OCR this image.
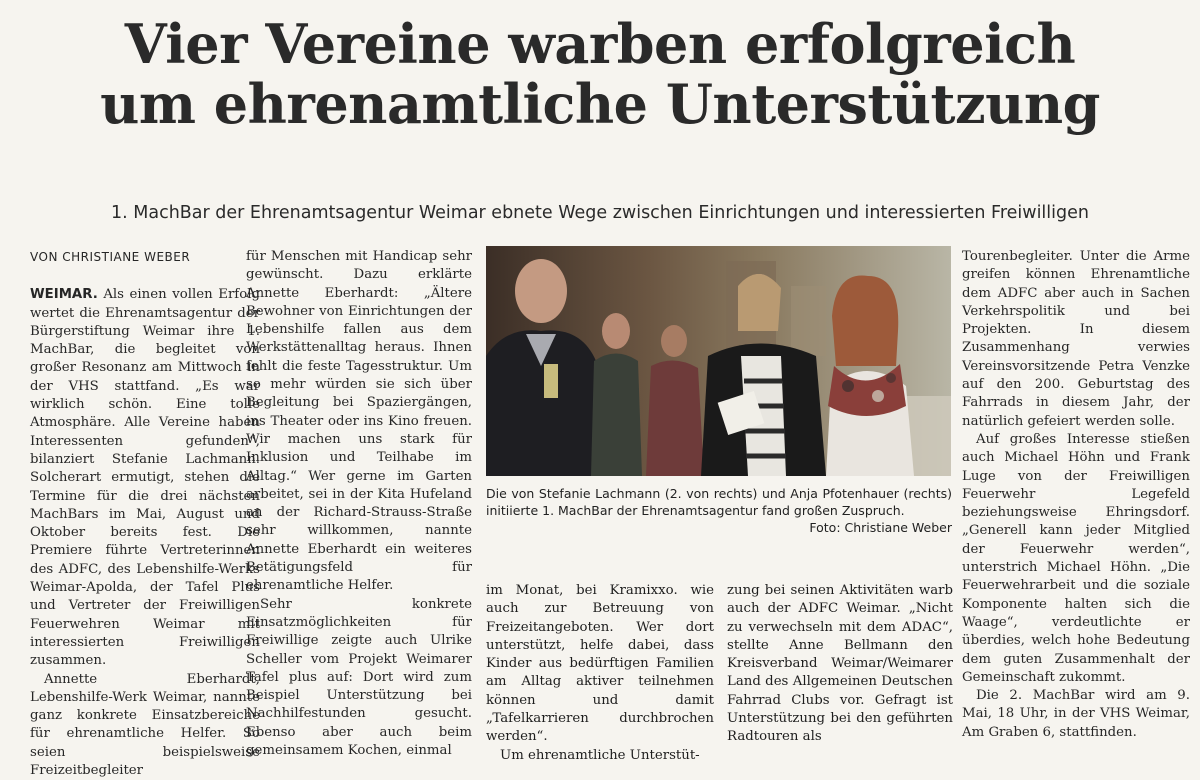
Vier Vereine warben erfolgreich
um ehrenamtliche Unterstützung
1. MachBar der Ehrenamtsagentur Weimar ebnete Wege zwischen Einrichtungen und interessierten Freiwilligen

VON CHRISTIANE WEBER

WEIMAR. Als einen vollen Erfolg wertet die Ehrenamtsagentur der Bürgerstiftung Weimar ihre 1. MachBar, die begleitet von großer Resonanz am Mittwoch in der VHS stattfand. „Es war wirklich schön. Eine tolle Atmosphäre. Alle Vereine haben Interessenten gefunden“, bilanziert Stefanie Lachmann. Solcherart ermutigt, stehen die Termine für die drei nächsten MachBars im Mai, August und Oktober bereits fest. Die Premiere führte Vertreterinnen des ADFC, des Lebenshilfe-Werks Weimar-Apolda, der Tafel Plus und Vertreter der Freiwilligen Feuerwehren Weimar mit interessierten Freiwilligen zusammen.

Annette Eberhardt, Lebenshilfe-Werk Weimar, nannte ganz konkrete Einsatzbereiche für ehrenamtliche Helfer. So seien beispielsweise Freizeitbegleiter

für Menschen mit Handicap sehr gewünscht. Dazu erklärte Annette Eberhardt: „Ältere Bewohner von Einrichtungen der Lebenshilfe fallen aus dem Werkstättenalltag heraus. Ihnen fehlt die feste Tagesstruktur. Um so mehr würden sie sich über Begleitung bei Spaziergängen, ins Theater oder ins Kino freuen. Wir machen uns stark für Inklusion und Teilhabe im Alltag.“ Wer gerne im Garten arbeitet, sei in der Kita Hufeland an der Richard-Strauss-Straße sehr willkommen, nannte Annette Eberhardt ein weiteres Betätigungsfeld für ehrenamtliche Helfer.

Sehr konkrete Einsatzmöglichkeiten für Freiwillige zeigte auch Ulrike Scheller vom Projekt Weimarer Tafel plus auf: Dort wird zum Beispiel Unterstützung bei Nachhilfestunden gesucht. Ebenso aber auch beim gemeinsamem Kochen, einmal

Die von Stefanie Lachmann (2. von rechts) und Anja Pfotenhauer (rechts) initiierte 1. MachBar der Ehrenamtsagentur fand großen Zuspruch.
Foto: Christiane Weber

im Monat, bei Kramixxo. wie auch zur Betreuung von Freizeitangeboten. Wer dort unterstützt, helfe dabei, dass Kinder aus bedürftigen Familien am Alltag aktiver teilnehmen können und damit „Tafelkarrieren durchbrochen werden“.

Um ehrenamtliche Unterstüt-

zung bei seinen Aktivitäten warb auch der ADFC Weimar. „Nicht zu verwechseln mit dem ADAC“, stellte Anne Bellmann den Kreisverband Weimar/Weimarer Land des Allgemeinen Deutschen Fahrrad Clubs vor. Gefragt ist Unterstützung bei den geführten Radtouren als

Tourenbegleiter. Unter die Arme greifen können Ehrenamtliche dem ADFC aber auch in Sachen Verkehrspolitik und bei Projekten. In diesem Zusammenhang verwies Vereinsvorsitzende Petra Venzke auf den 200. Geburtstag des Fahrrads in diesem Jahr, der natürlich gefeiert werden solle.

Auf großes Interesse stießen auch Michael Höhn und Frank Luge von der Freiwilligen Feuerwehr Legefeld beziehungsweise Ehringsdorf. „Generell kann jeder Mitglied der Feuerwehr werden“, unterstrich Michael Höhn. „Die Feuerwehrarbeit und die soziale Komponente halten sich die Waage“, verdeutlichte er überdies, welch hohe Bedeutung dem guten Zusammenhalt der Gemeinschaft zukommt.

Die 2. MachBar wird am 9. Mai, 18 Uhr, in der VHS Weimar, Am Graben 6, stattfinden.
